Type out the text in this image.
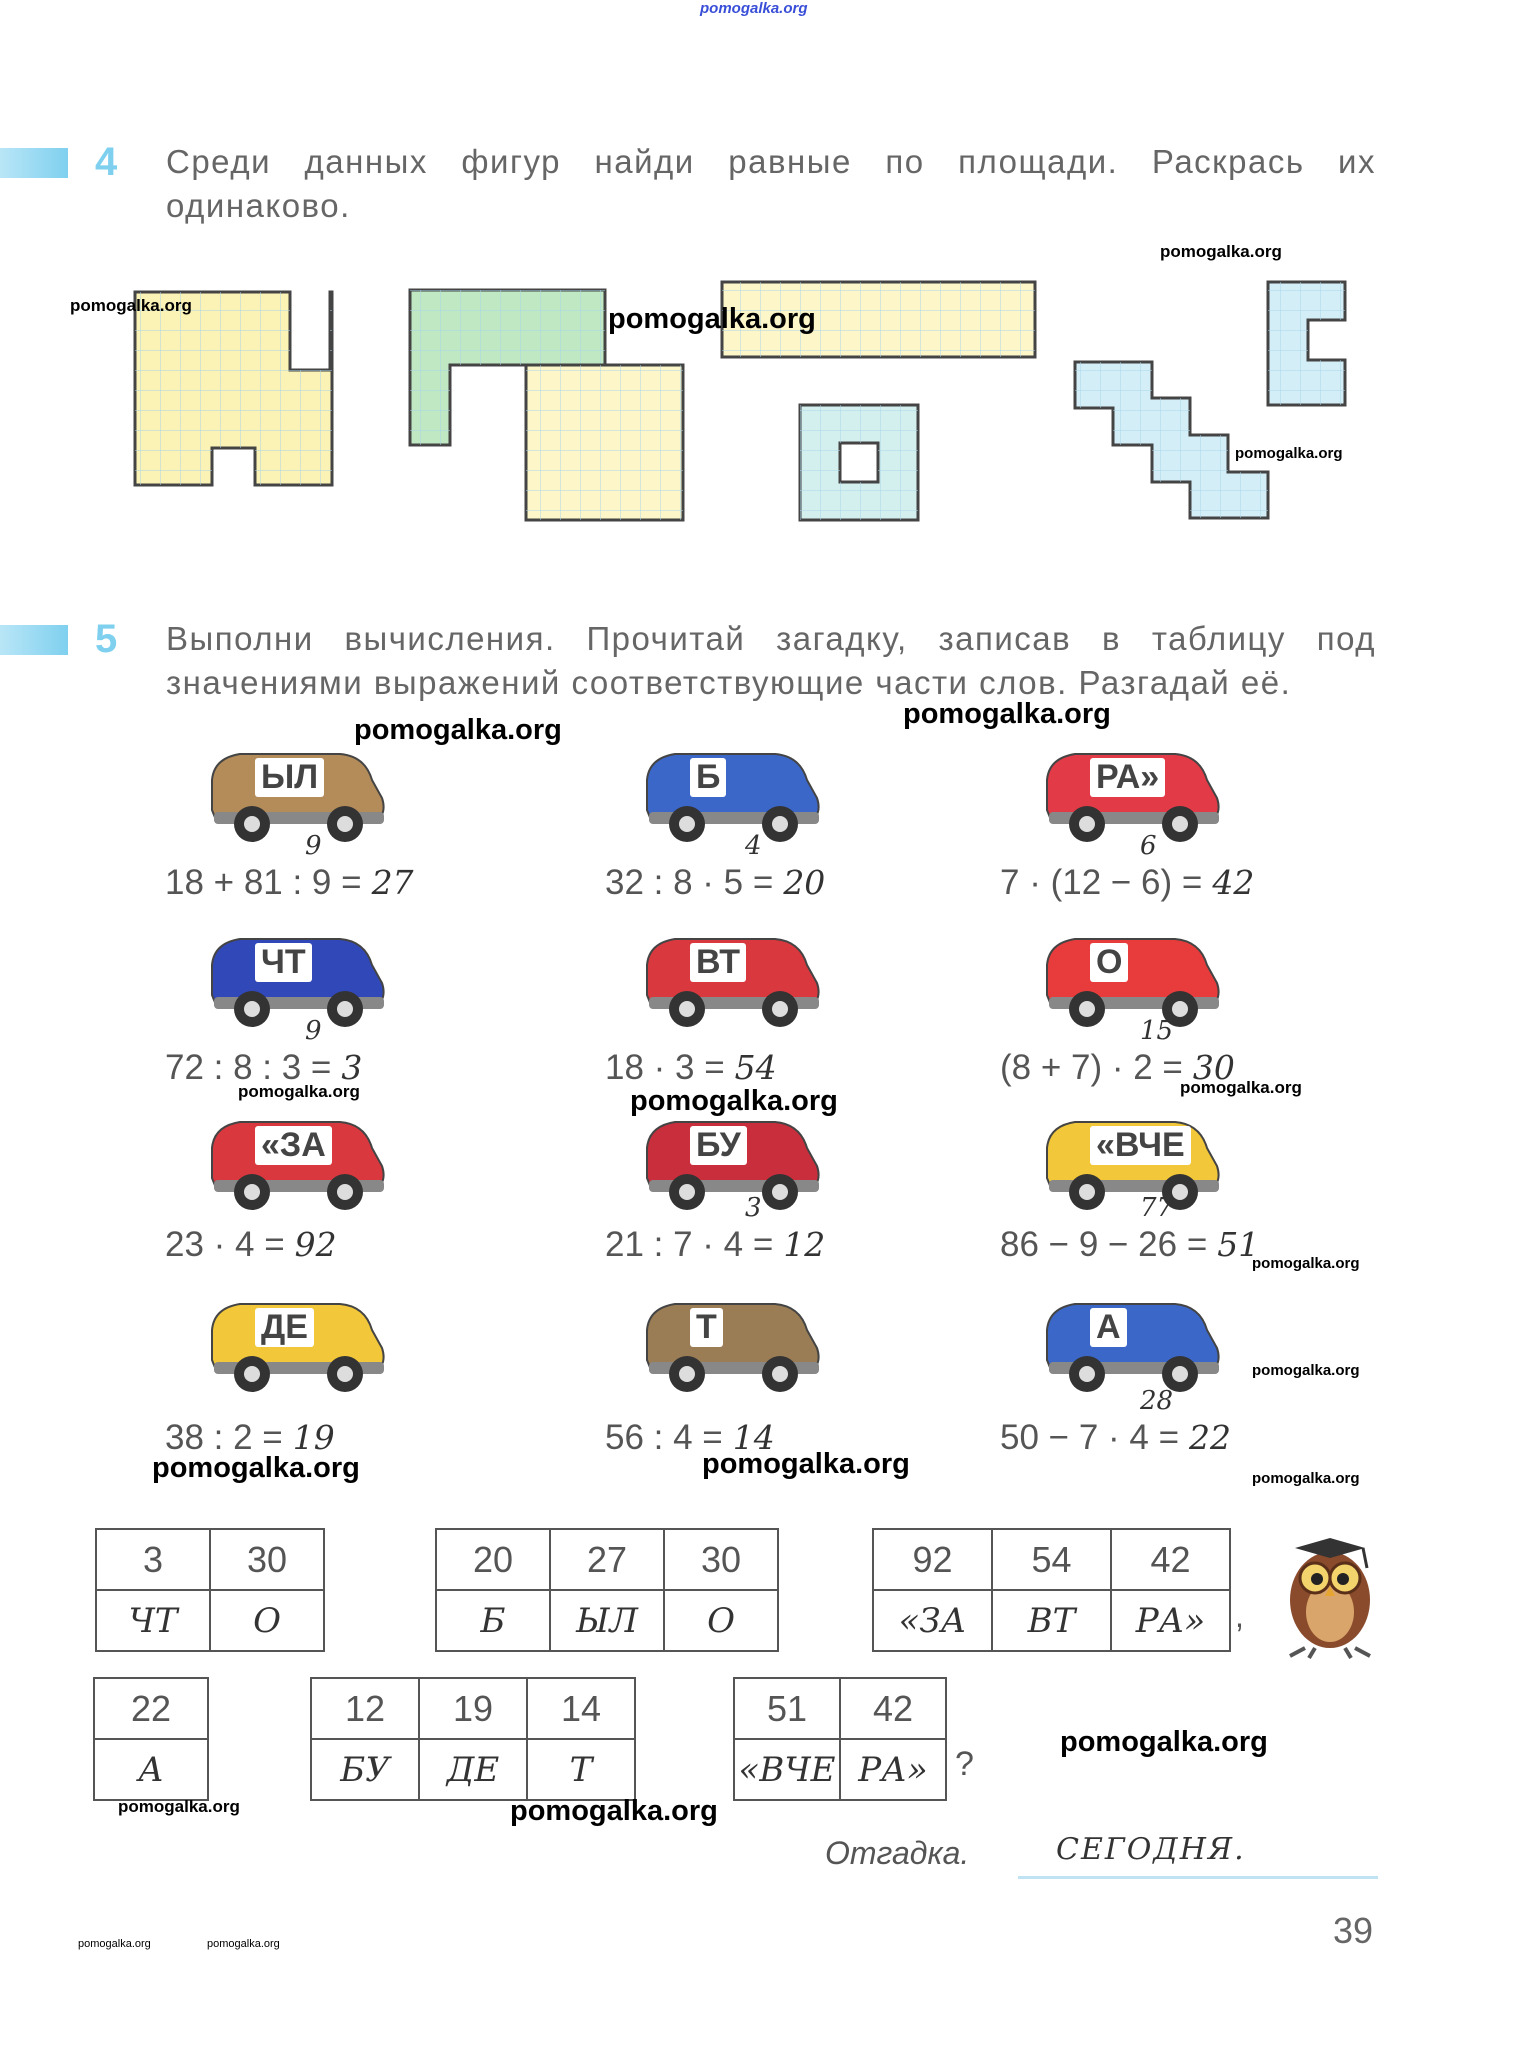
pomogalka.org
4 Среди данных фигур найди равные по площади. Раскрась их одинаково.
5 Выполни вычисления. Прочитай загадку, записав в таблицу под значениями выражений соответствующие части слов. Разгадай её.
ЫЛ
18 + 81 : 9 = 27
9
Б
32 : 8 · 5 = 20
4
РА»
7 · (12 − 6) = 42
6
ЧТ
72 : 8 : 3 = 3
9
ВТ
18 · 3 = 54
О
(8 + 7) · 2 = 30
15
«ЗА
23 · 4 = 92
БУ
21 : 7 · 4 = 12
3
«ВЧЕ
86 − 9 − 26 = 51
77
ДЕ
38 : 2 = 19
Т
56 : 4 = 14
А
50 − 7 · 4 = 22
28
3	30
ЧТ	О
20	27	30
Б	ЫЛ	О
92	54	42
«ЗА	ВТ	РА» ,
22
А
12	19	14
БУ	ДЕ	Т
51	42
«ВЧЕ	РА» ?
Отгадка.	СЕГОДНЯ.
39
pomogalka.org
pomogalka.org
pomogalka.org
pomogalka.org
pomogalka.org	pomogalka.org
pomogalka.org	pomogalka.org	pomogalka.org
pomogalka.org
pomogalka.org
pomogalka.org	pomogalka.org	pomogalka.org
pomogalka.org
pomogalka.org	pomogalka.org
pomogalka.org	pomogalka.org
